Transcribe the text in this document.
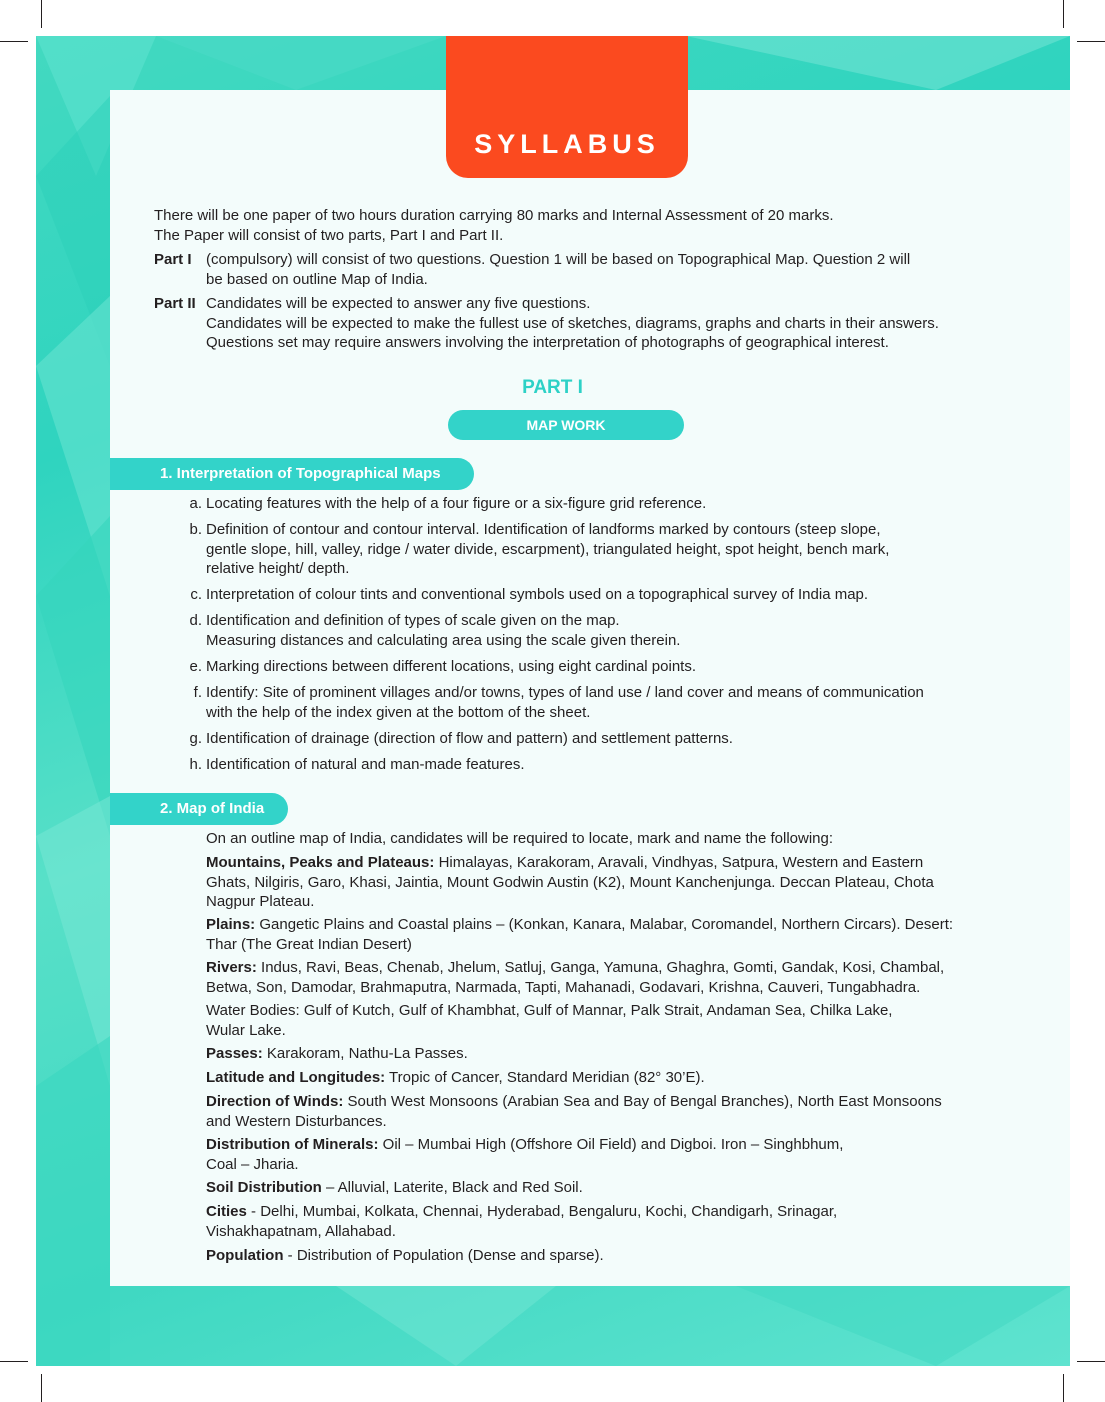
SYLLABUS
There will be one paper of two hours duration carrying 80 marks and Internal Assessment of 20 marks.
The Paper will consist of two parts, Part I and Part II.
Part I (compulsory) will consist of two questions. Question 1 will be based on Topographical Map. Question 2 will
be based on outline Map of India.
Part II Candidates will be expected to answer any five questions.
Candidates will be expected to make the fullest use of sketches, diagrams, graphs and charts in their answers.
Questions set may require answers involving the interpretation of photographs of geographical interest.
PART I
MAP WORK
1. Interpretation of Topographical Maps
a. Locating features with the help of a four figure or a six-figure grid reference.
b. Definition of contour and contour interval. Identification of landforms marked by contours (steep slope,
gentle slope, hill, valley, ridge / water divide, escarpment), triangulated height, spot height, bench mark,
relative height/ depth.
c. Interpretation of colour tints and conventional symbols used on a topographical survey of India map.
d. Identification and definition of types of scale given on the map.
Measuring distances and calculating area using the scale given therein.
e. Marking directions between different locations, using eight cardinal points.
f. Identify: Site of prominent villages and/or towns, types of land use / land cover and means of communication
with the help of the index given at the bottom of the sheet.
g. Identification of drainage (direction of flow and pattern) and settlement patterns.
h. Identification of natural and man-made features.
2. Map of India
On an outline map of India, candidates will be required to locate, mark and name the following:
Mountains, Peaks and Plateaus: Himalayas, Karakoram, Aravali, Vindhyas, Satpura, Western and Eastern
Ghats, Nilgiris, Garo, Khasi, Jaintia, Mount Godwin Austin (K2), Mount Kanchenjunga. Deccan Plateau, Chota
Nagpur Plateau.
Plains: Gangetic Plains and Coastal plains – (Konkan, Kanara, Malabar, Coromandel, Northern Circars). Desert:
Thar (The Great Indian Desert)
Rivers: Indus, Ravi, Beas, Chenab, Jhelum, Satluj, Ganga, Yamuna, Ghaghra, Gomti, Gandak, Kosi, Chambal,
Betwa, Son, Damodar, Brahmaputra, Narmada, Tapti, Mahanadi, Godavari, Krishna, Cauveri, Tungabhadra.
Water Bodies: Gulf of Kutch, Gulf of Khambhat, Gulf of Mannar, Palk Strait, Andaman Sea, Chilka Lake,
Wular Lake.
Passes: Karakoram, Nathu-La Passes.
Latitude and Longitudes: Tropic of Cancer, Standard Meridian (82° 30’E).
Direction of Winds: South West Monsoons (Arabian Sea and Bay of Bengal Branches), North East Monsoons
and Western Disturbances.
Distribution of Minerals: Oil – Mumbai High (Offshore Oil Field) and Digboi. Iron – Singhbhum,
Coal – Jharia.
Soil Distribution – Alluvial, Laterite, Black and Red Soil.
Cities - Delhi, Mumbai, Kolkata, Chennai, Hyderabad, Bengaluru, Kochi, Chandigarh, Srinagar,
Vishakhapatnam, Allahabad.
Population - Distribution of Population (Dense and sparse).
